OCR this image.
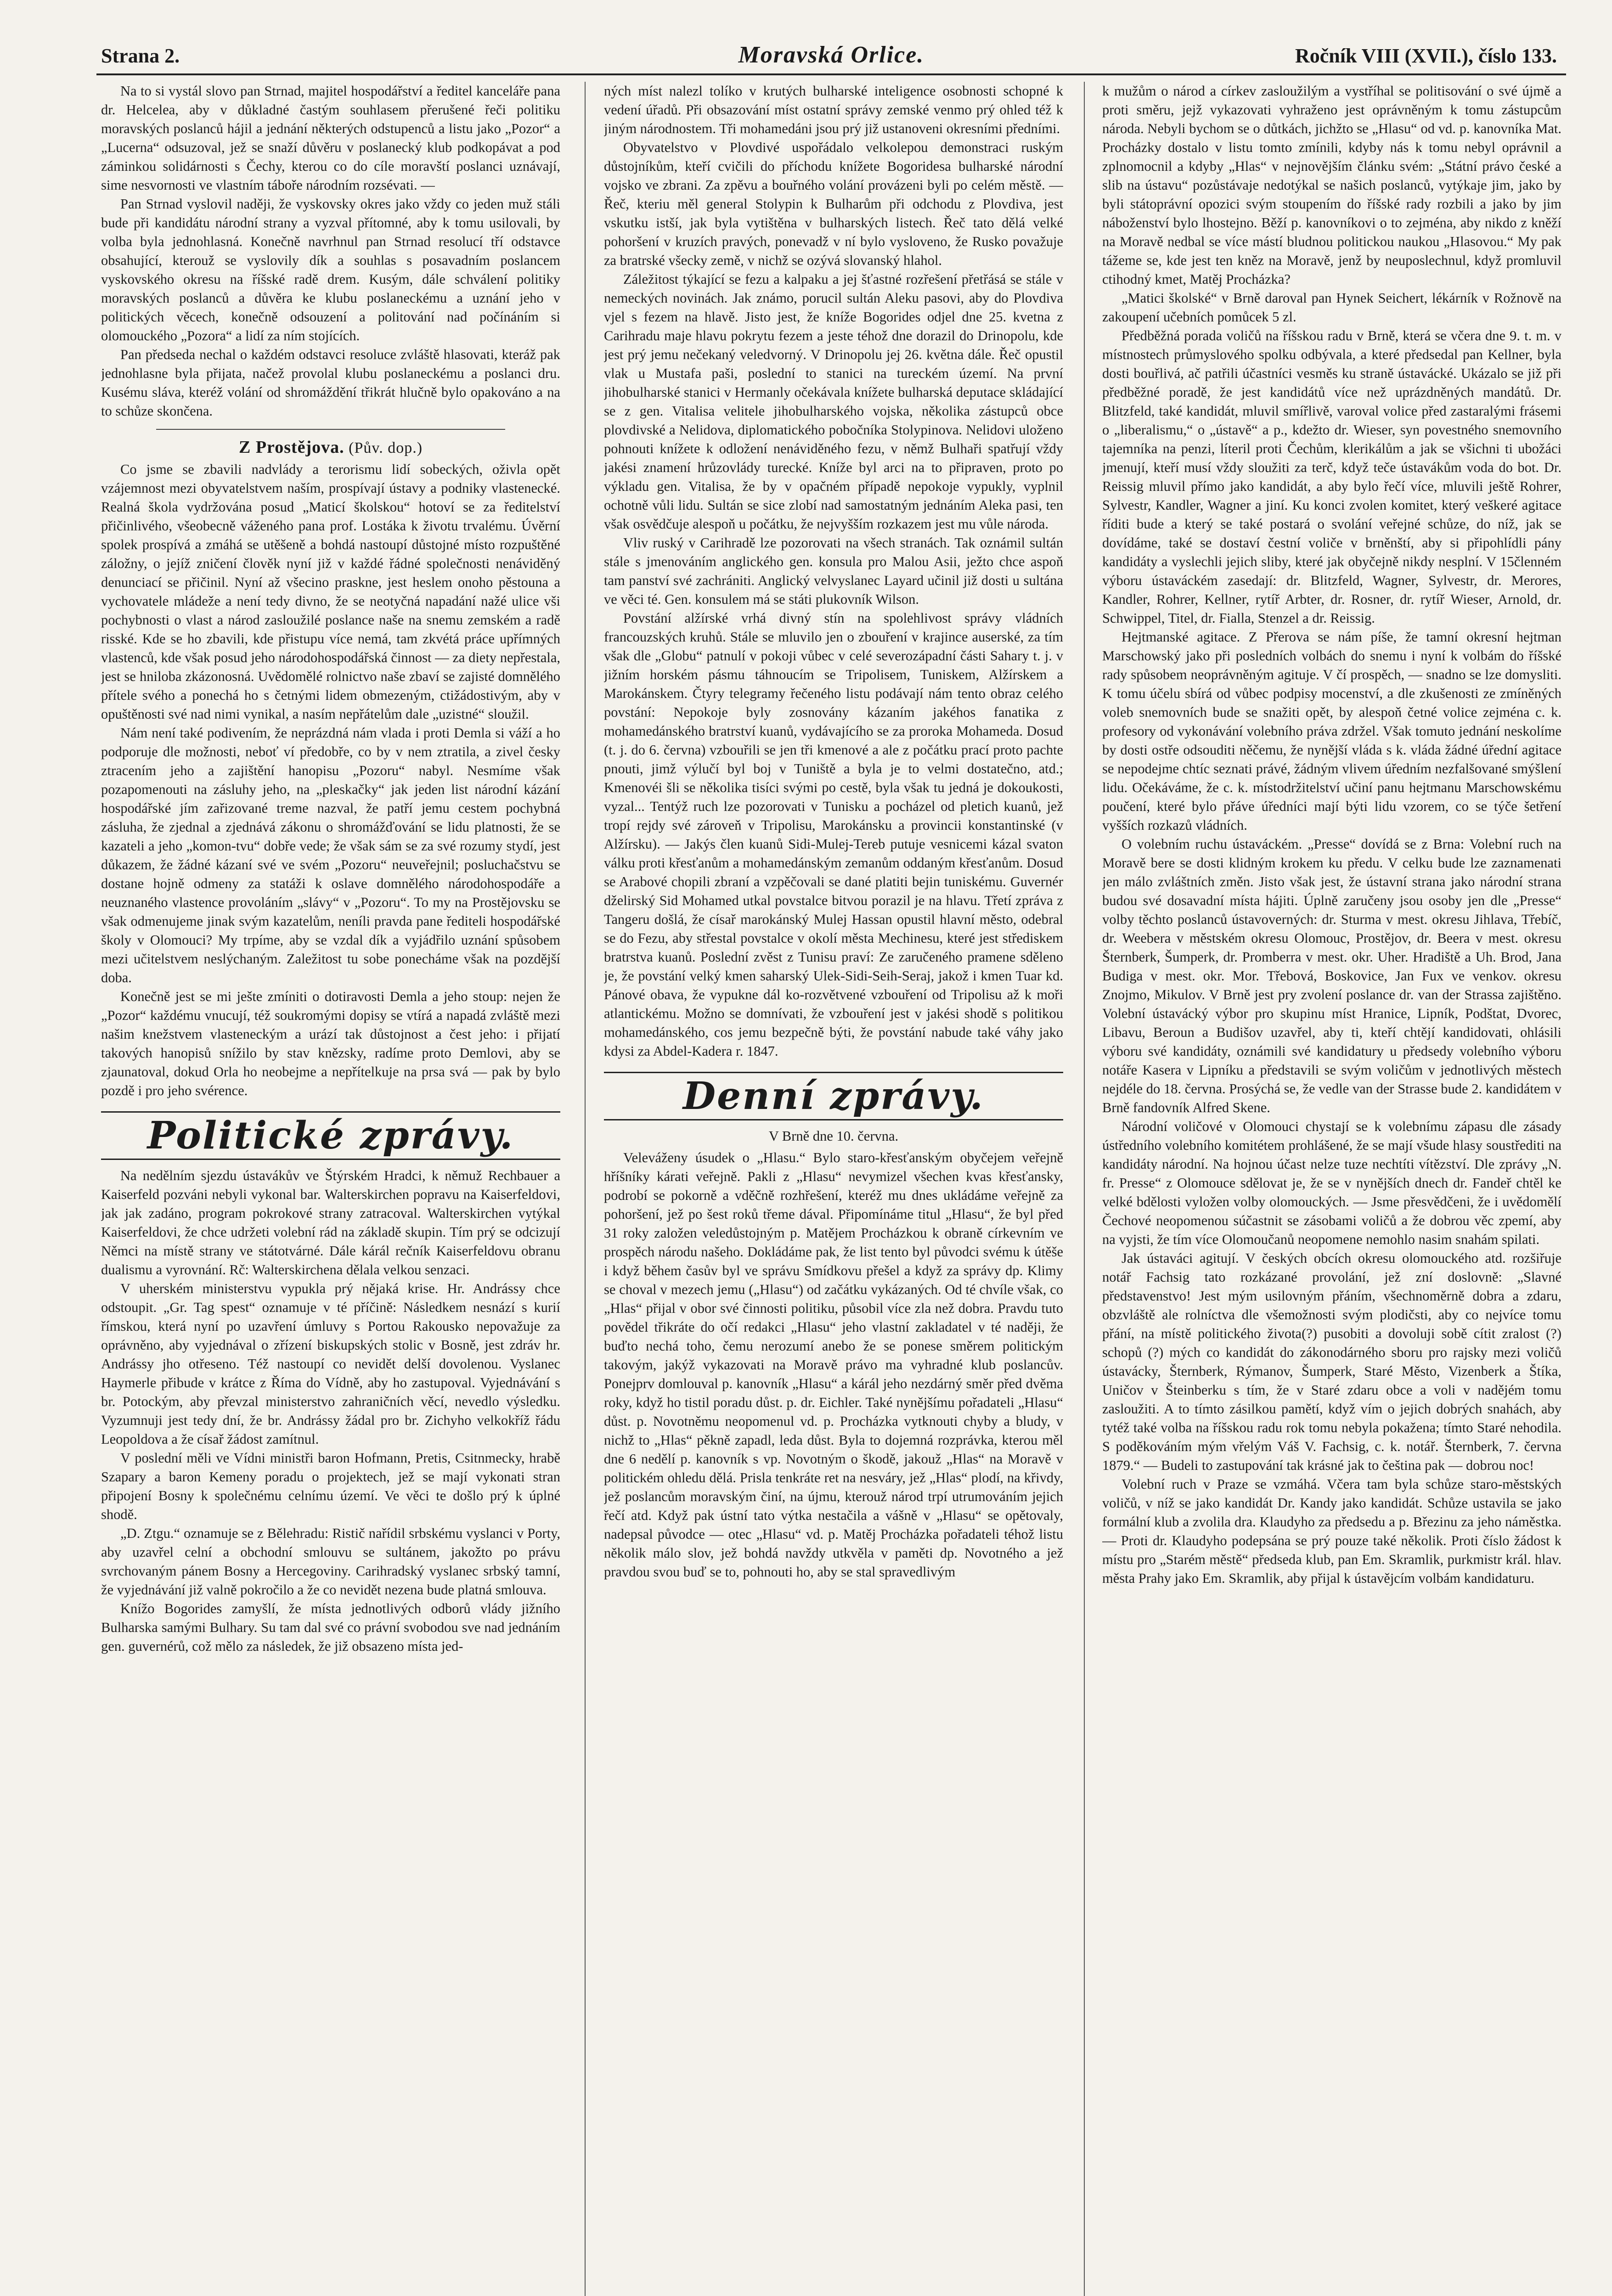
Strana 2.	Moravská Orlice.	Ročník VIII (XVII.), číslo 133.

Na to si vystál slovo pan Strnad, majitel hospodářství a ředitel kanceláře pana dr. Helcelea, aby v důkladné častým souhlasem přerušené řeči politiku moravských poslanců hájil a jednání některých odstupenců a listu jako „Pozor“ a „Lucerna“ odsuzoval, jež se snaží důvěru v poslanecký klub podkopávat a pod záminkou solidárnosti s Čechy, kterou co do cíle moravští poslanci uznávají, sime nesvornosti ve vlastním táboře národním rozsévati. —

Pan Strnad vyslovil naději, že vyskovsky okres jako vždy co jeden muž stáli bude při kandidátu národní strany a vyzval přítomné, aby k tomu usilovali, by volba byla jednohlasná. Konečně navrhnul pan Strnad resolucí tří odstavce obsahující, kterouž se vyslovily dík a souhlas s posavadním poslancem vyskovského okresu na říšské radě drem. Kusým, dále schválení politiky moravských poslanců a důvěra ke klubu poslaneckému a uznání jeho v politických věcech, konečně odsouzení a politování nad počínáním si olomouckého „Pozora“ a lidí za ním stojících.

Pan předseda nechal o každém odstavci resoluce zvláště hlasovati, kteráž pak jednohlasne byla přijata, načež provolal klubu poslaneckému a poslanci dru. Kusému sláva, kteréž volání od shromáždění třikrát hlučně bylo opakováno a na to schůze skončena.

Z Prostějova. (Pův. dop.)

Co jsme se zbavili nadvlády a terorismu lidí sobeckých, oživla opět vzájemnost mezi obyvatelstvem naším, prospívají ústavy a podniky vlastenecké. Realná škola vydržována posud „Maticí školskou“ hotoví se za ředitelství přičinlivého, všeobecně váženého pana prof. Lostáka k životu trvalému. Úvěrní spolek prospívá a zmáhá se utěšeně a bohdá nastoupí důstojné místo rozpuštěné záložny, o jejíž zničení člověk nyní již v každé řádné společnosti nenáviděný denunciací se přičinil. Nyní až všecino praskne, jest heslem onoho pěstouna a vychovatele mládeže a není tedy divno, že se neotyčná napadání nažé ulice vši pochybnosti o vlast a národ zasloužilé poslance naše na snemu zemském a radě risské. Kde se ho zbavili, kde přistupu více nemá, tam zkvétá práce upřímných vlastenců, kde však posud jeho národohospodářská činnost — za diety nepřestala, jest se hniloba zkázonosná. Uvědomělé rolnictvo naše zbaví se zajisté domnělého přítele svého a ponechá ho s četnými lidem obmezeným, ctižádostivým, aby v opuštěnosti své nad nimi vynikal, a nasím nepřátelům dale „uzistné“ sloužil.

Nám není také podivením, že neprázdná nám vlada i proti Demla si váží a ho podporuje dle možnosti, neboť ví předobře, co by v nem ztratila, a zivel česky ztracením jeho a zajištění hanopisu „Pozoru“ nabyl. Nesmíme však pozapomenouti na zásluhy jeho, na „pleskačky“ jak jeden list národní kázání hospodářské jím zařizované treme nazval, že patří jemu cestem pochybná zásluha, že zjednal a zjednává zákonu o shromážďování se lidu platnosti, že se kazateli a jeho „komon-tvu“ dobře vede; že však sám se za své rozumy stydí, jest důkazem, že žádné kázaní své ve svém „Pozoru“ neuveřejnil; posluchačstvu se dostane hojně odmeny za statáži k oslave domnělého národohospodáře a neuznaného vlastence provoláním „slávy“ v „Pozoru“. To my na Prostějovsku se však odmenujeme jinak svým kazatelům, neníli pravda pane řediteli hospodářské školy v Olomouci? My trpíme, aby se vzdal dík a vyjádřilo uznání spůsobem mezi učitelstvem neslýchaným. Zaležitost tu sobe ponecháme však na pozdější doba.

Konečně jest se mi ješte zmíniti o dotiravosti Demla a jeho stoup: nejen že „Pozor“ každému vnucují, též soukromými dopisy se vtírá a napadá zvláště mezi našim knežstvem vlasteneckým a urází tak důstojnost a čest jeho: i přijatí takových hanopisů snížilo by stav knězsky, radíme proto Demlovi, aby se zjaunatoval, dokud Orla ho neobejme a nepřítelkuje na prsa svá — pak by bylo pozdě i pro jeho svérence.

Politické zprávy.

Na nedělním sjezdu ústavákův ve Štýrském Hradci, k němuž Rechbauer a Kaiserfeld pozváni nebyli vykonal bar. Walterskirchen popravu na Kaiserfeldovi, jak jak zadáno, program pokrokové strany zatracoval. Walterskirchen vytýkal Kaiserfeldovi, že chce udržeti volební rád na základě skupin. Tím prý se odcizují Němci na místě strany ve státotvárné. Dále kárál rečník Kaiserfeldovu obranu dualismu a vyrovnání. Rč: Walterskirchena dělala velkou senzaci.

V uherském ministerstvu vypukla prý nějaká krise. Hr. Andrássy chce odstoupit. „Gr. Tag spest“ oznamuje v té příčině: Následkem nesnází s kurií římskou, která nyní po uzavření úmluvy s Portou Rakousko nepovažuje za oprávněno, aby vyjednával o zřízení biskupských stolic v Bosně, jest zdráv hr. Andrássy jho otřeseno. Též nastoupí co nevidět delší dovolenou. Vyslanec Haymerle přibude v krátce z Říma do Vídně, aby ho zastupoval. Vyjednávání s br. Potockým, aby převzal ministerstvo zahraničních věcí, nevedlo výsledku. Vyzumnuji jest tedy dní, že br. Andrássy žádal pro br. Zichyho velkokříž řádu Leopoldova a že císař žádost zamítnul.

V poslední měli ve Vídni ministři baron Hofmann, Pretis, Csitnmecky, hrabě Szapary a baron Kemeny poradu o projektech, jež se mají vykonati stran připojení Bosny k společnému celnímu území. Ve věci te došlo prý k úplné shodě.

„D. Ztgu.“ oznamuje se z Bělehradu: Ristič nařídil srbskému vyslanci v Porty, aby uzavřel celní a obchodní smlouvu se sultánem, jakožto po právu svrchovaným pánem Bosny a Hercegoviny. Carihradský vyslanec srbský tamní, že vyjednávání již valně pokročilo a že co nevidět nezena bude platná smlouva.

Knížo Bogorides zamyšlí, že místa jednotlivých odborů vlády jižního Bulharska samými Bulhary. Su tam dal své co právní svobodou sve nad jednáním gen. guvernérů, což mělo za následek, že již obsazeno místa jed-

ných míst nalezl tolíko v krutých bulharské inteligence osobnosti schopné k vedení úřadů. Při obsazování míst ostatní správy zemské venmo prý ohled též k jiným národnostem. Tři mohamedáni jsou prý již ustanoveni okresními předními.

Obyvatelstvo v Plovdivé uspořádalo velkolepou demonstraci ruským důstojníkům, kteří cvičili do příchodu knížete Bogoridesa bulharské národní vojsko ve zbrani. Za zpěvu a bouřného volání provázeni byli po celém městě. — Řeč, kteriu měl general Stolypin k Bulharům při odchodu z Plovdiva, jest vskutku istší, jak byla vytištěna v bulharských listech. Řeč tato dělá velké pohoršení v kruzích pravých, ponevadž v ní bylo vysloveno, že Rusko považuje za bratrské všecky země, v nichž se ozývá slovanský hlahol.

Záležitost týkající se fezu a kalpaku a jej šťastné rozřešení přetřásá se stále v nemeckých novinách. Jak známo, porucil sultán Aleku pasovi, aby do Plovdiva vjel s fezem na hlavě. Jisto jest, že kníže Bogorides odjel dne 25. kvetna z Carihradu maje hlavu pokrytu fezem a jeste téhož dne dorazil do Drinopolu, kde jest prý jemu nečekaný veledvorný. V Drinopolu jej 26. května dále. Řeč opustil vlak u Mustafa paši, poslední to stanici na tureckém území. Na první jihobulharské stanici v Hermanly očekávala knížete bulharská deputace skládající se z gen. Vitalisa velitele jihobulharského vojska, několika zástupců obce plovdivské a Nelidova, diplomatického pobočníka Stolypinova. Nelidovi uloženo pohnouti knížete k odložení nenáviděného fezu, v němž Bulhaři spatřují vždy jakési znamení hrůzovlády turecké. Kníže byl arci na to připraven, proto po výkladu gen. Vitalisa, že by v opačném případě nepokoje vypukly, vyplnil ochotně vůli lidu. Sultán se sice zlobí nad samostatným jednáním Aleka pasi, ten však osvědčuje alespoň u počátku, že nejvyšším rozkazem jest mu vůle národa.

Vliv ruský v Carihradě lze pozorovati na všech stranách. Tak oznámil sultán stále s jmenováním anglického gen. konsula pro Malou Asii, ježto chce aspoň tam panství své zachrániti. Anglický velvyslanec Layard učinil již dosti u sultána ve věci té. Gen. konsulem má se státi plukovník Wilson.

Povstání alžírské vrhá divný stín na spolehlivost správy vládních francouzských kruhů. Stále se mluvilo jen o zbouření v krajince auserské, za tím však dle „Globu“ patnulí v pokoji vůbec v celé severozápadní části Sahary t. j. v jižním horském pásmu táhnoucím se Tripolisem, Tuniskem, Alžírskem a Marokánskem. Čtyry telegramy řečeného listu podávají nám tento obraz celého povstání: Nepokoje byly zosnovány kázaním jakéhos fanatika z mohamedánského bratrství kuanů, vydávajícího se za proroka Mohameda. Dosud (t. j. do 6. června) vzbouřili se jen tři kmenové a ale z počátku prací proto pachte pnouti, jimž výlučí byl boj v Tuniště a byla je to velmi dostatečno, atd.; Kmenovéi šli se několika tisíci svými po cestě, byla však tu jedná je dokoukosti, vyzal... Tentýž ruch lze pozorovati v Tunisku a pocházel od pletich kuanů, jež tropí rejdy své zároveň v Tripolisu, Marokánsku a provincii konstantinské (v Alžírsku). — Jakýs člen kuanů Sidi-Mulej-Tereb putuje vesnicemi kázal svaton válku proti křesťanům a mohamedánským zemanům oddaným křesťanům. Dosud se Arabové chopili zbraní a vzpěčovali se dané platiti bejin tuniskému. Guvernér dželirský Sid Mohamed utkal povstalce bitvou porazil je na hlavu. Třetí zpráva z Tangeru došlá, že císař marokánský Mulej Hassan opustil hlavní město, odebral se do Fezu, aby střestal povstalce v okolí města Mechinesu, které jest střediskem bratrstva kuanů. Poslední zvěst z Tunisu praví: Ze zaručeného pramene sděleno je, že povstání velký kmen saharský Ulek-Sidi-Seih-Seraj, jakož i kmen Tuar kd. Pánové obava, že vypukne dál ko-rozvětvené vzbouření od Tripolisu až k moři atlantickému. Možno se domnívati, že vzbouření jest v jakési shodě s politikou mohamedánského, cos jemu bezpečně býti, že povstání nabude také váhy jako kdysi za Abdel-Kadera r. 1847.

Denní zprávy.
V Brně dne 10. června.

Veleváženy úsudek o „Hlasu.“ Bylo staro-křesťanským obyčejem veřejně hříšníky kárati veřejně. Pakli z „Hlasu“ nevymizel všechen kvas křesťansky, podrobí se pokorně a vděčně rozhřešení, kteréž mu dnes ukládáme veřejně za pohoršení, jež po šest roků třeme dával. Připomínáme titul „Hlasu“, že byl před 31 roky založen veledůstojným p. Matějem Procházkou k obraně církevním ve prospěch národu našeho. Dokládáme pak, že list tento byl původci svému k útěše i když během časův byl ve správu Smídkovu přešel a když za správy dp. Klimy se choval v mezech jemu („Hlasu“) od začátku vykázaných. Od té chvíle však, co „Hlas“ přijal v obor své činnosti politiku, působil více zla než dobra. Pravdu tuto povědel třikráte do očí redakci „Hlasu“ jeho vlastní zakladatel v té naději, že buďto nechá toho, čemu nerozumí anebo že se ponese směrem politickým takovým, jakýž vykazovati na Moravě právo ma vyhradné klub poslancův. Ponejprv domlouval p. kanovník „Hlasu“ a kárál jeho nezdárný směr před dvěma roky, když ho tistil poradu důst. p. dr. Eichler. Také nynějšímu pořadateli „Hlasu“ důst. p. Novotněmu neopomenul vd. p. Procházka vytknouti chyby a bludy, v nichž to „Hlas“ pěkně zapadl, leda důst. Byla to dojemná rozprávka, kterou měl dne 6 nedělí p. kanovník s vp. Novotným o škodě, jakouž „Hlas“ na Moravě v politickém ohledu dělá. Prisla tenkráte ret na nesváry, jež „Hlas“ plodí, na křivdy, jež poslancům moravským činí, na újmu, kterouž národ trpí utrumováním jejich řečí atd. Když pak ústní tato výtka nestačila a vášně v „Hlasu“ se opětovaly, nadepsal původce — otec „Hlasu“ vd. p. Matěj Procházka pořadateli téhož listu několik málo slov, jež bohdá navždy utkvěla v paměti dp. Novotného a jež pravdou svou buď se to, pohnouti ho, aby se stal spravedlivým

k mužům o národ a církev zasloužilým a vystříhal se politisování o své újmě a proti směru, jejž vykazovati vyhraženo jest oprávněným k tomu zástupcům národa. Nebyli bychom se o důtkách, jichžto se „Hlasu“ od vd. p. kanovníka Mat. Procházky dostalo v listu tomto zmínili, kdyby nás k tomu nebyl oprávnil a zplnomocnil a kdyby „Hlas“ v nejnovějším článku svém: „Státní právo české a slib na ústavu“ pozůstávaje nedotýkal se našich poslanců, vytýkaje jim, jako by byli státoprávní opozici svým stoupením do říšské rady rozbili a jako by jim náboženství bylo lhostejno. Běží p. kanovníkovi o to zejména, aby nikdo z kněží na Moravě nedbal se více mástí bludnou politickou naukou „Hlasovou.“ My pak tážeme se, kde jest ten kněz na Moravě, jenž by neuposlechnul, když promluvil ctihodný kmet, Matěj Procházka?

„Matici školské“ v Brně daroval pan Hynek Seichert, lékárník v Rožnově na zakoupení učebních pomůcek 5 zl.

Předběžná porada voličů na říšskou radu v Brně, která se včera dne 9. t. m. v místnostech průmyslového spolku odbývala, a které předsedal pan Kellner, byla dosti bouřlivá, ač patřili účastníci vesměs ku straně ústavácké. Ukázalo se již při předběžné poradě, že jest kandidátů více než uprázdněných mandátů. Dr. Blitzfeld, také kandidát, mluvil smířlivě, varoval volice před zastaralými frásemi o „liberalismu,“ o „ústavě“ a p., kdežto dr. Wieser, syn povestného snemovního tajemníka na penzi, líteril proti Čechům, klerikálům a jak se všichni ti ubožáci jmenují, kteří musí vždy sloužiti za terč, když teče ústavákům voda do bot. Dr. Reissig mluvil přímo jako kandidát, a aby bylo řečí více, mluvili ještě Rohrer, Sylvestr, Kandler, Wagner a jiní. Ku konci zvolen komitet, který veškeré agitace říditi bude a který se také postará o svolání veřejné schůze, do níž, jak se dovídáme, také se dostaví čestní voliče v brněnští, aby si připohlídli pány kandidáty a vyslechli jejich sliby, které jak obyčejně nikdy nesplní. V 15členném výboru ústaváckém zasedají: dr. Blitzfeld, Wagner, Sylvestr, dr. Merores, Kandler, Rohrer, Kellner, rytíř Arbter, dr. Rosner, dr. rytíř Wieser, Arnold, dr. Schwippel, Titel, dr. Fialla, Stenzel a dr. Reissig.

Hejtmanské agitace. Z Přerova se nám píše, že tamní okresní hejtman Marschowský jako při posledních volbách do snemu i nyní k volbám do říšské rady spůsobem neoprávněným agituje. V čí prospěch, — snadno se lze domysliti. K tomu účelu sbírá od vůbec podpisy mocenství, a dle zkušenosti ze zmíněných voleb snemovních bude se snažiti opět, by alespoň četné volice zejména c. k. profesory od vykonávání volebního práva zdržel. Však tomuto jednání neskolíme by dosti ostře odsouditi něčemu, že nynější vláda s k. vláda žádné úřední agitace se nepodejme chtíc seznati právé, žádným vlivem úředním nezfalšované smýšlení lidu. Očekáváme, že c. k. místodržitelství učiní panu hejtmanu Marschowskému poučení, které bylo přáve úředníci mají býti lidu vzorem, co se týče šetření vyšších rozkazů vládních.

O volebním ruchu ústaváckém. „Presse“ dovídá se z Brna: Volební ruch na Moravě bere se dosti klidným krokem ku předu. V celku bude lze zaznamenati jen málo zvláštních změn. Jisto však jest, že ústavní strana jako národní strana budou své dosavadní místa hájiti. Úplně zaručeny jsou osoby jen dle „Presse“ volby těchto poslanců ústavoverných: dr. Sturma v mest. okresu Jihlava, Třebíč, dr. Weebera v městském okresu Olomouc, Prostějov, dr. Beera v mest. okresu Šternberk, Šumperk, dr. Promberra v mest. okr. Uher. Hradiště a Uh. Brod, Jana Budiga v mest. okr. Mor. Třebová, Boskovice, Jan Fux ve venkov. okresu Znojmo, Mikulov. V Brně jest pry zvolení poslance dr. van der Strassa zajištěno. Volební ústavácký výbor pro skupinu míst Hranice, Lipník, Podštat, Dvorec, Libavu, Beroun a Budišov uzavřel, aby ti, kteří chtějí kandidovati, ohlásili výboru své kandidáty, oznámili své kandidatury u předsedy volebního výboru notáře Kasera v Lipníku a představili se svým voličům v jednotlivých městech nejdéle do 18. června. Prosýchá se, že vedle van der Strasse bude 2. kandidátem v Brně fandovník Alfred Skene.

Národní voličové v Olomouci chystají se k volebnímu zápasu dle zásady ústředního volebního komitétem prohlášené, že se mají všude hlasy soustřediti na kandidáty národní. Na hojnou účast nelze tuze nechtíti vítězství. Dle zprávy „N. fr. Presse“ z Olomouce sdělovat je, že se v nynějších dnech dr. Fandeř chtěl ke velké bdělosti vyložen volby olomouckých. — Jsme přesvědčeni, že i uvědomělí Čechové neopomenou súčastnit se zásobami voličů a že dobrou věc zpemí, aby na vyjsti, že tím více Olomoučanů neopomene nemohlo nasim snahám spilati.

Jak ústaváci agitují. V českých obcích okresu olomouckého atd. rozšiřuje notář Fachsig tato rozkázané provolání, jež zní doslovně: „Slavné představenstvo! Jest mým usilovným přáním, všechnoměrně dobra a zdaru, obzvláště ale rolníctva dle všemožnosti svým plodičsti, aby co nejvíce tomu přání, na místě politického života(?) pusobiti a dovoluji sobě cítit zralost (?) schopů (?) mých co kandidát do zákonodárného sboru pro rajsky mezi voličů ústavácky, Šternberk, Rýmanov, Šumperk, Staré Město, Vizenberk a Štíka, Uničov v Šteinberku s tím, že v Staré zdaru obce a voli v nadějém tomu zasloužiti. A to tímto zásilkou pamětí, když vím o jejich dobrých snahách, aby tytéž také volba na říšskou radu rok tomu nebyla pokažena; tímto Staré nehodila. S poděkováním mým vřelým Váš V. Fachsig, c. k. notář. Šternberk, 7. června 1879.“ — Budeli to zastupování tak krásné jak to čeština pak — dobrou noc!

Volební ruch v Praze se vzmáhá. Včera tam byla schůze staro-městských voličů, v níž se jako kandidát Dr. Kandy jako kandidát. Schůze ustavila se jako formální klub a zvolila dra. Klaudyho za předsedu a p. Březinu za jeho náměstka. — Proti dr. Klaudyho podepsána se prý pouze také několik. Proti číslo žádost k místu pro „Starém městě“ předseda klub, pan Em. Skramlik, purkmistr král. hlav. města Prahy jako Em. Skramlik, aby přijal k ústavějcím volbám kandidaturu.
